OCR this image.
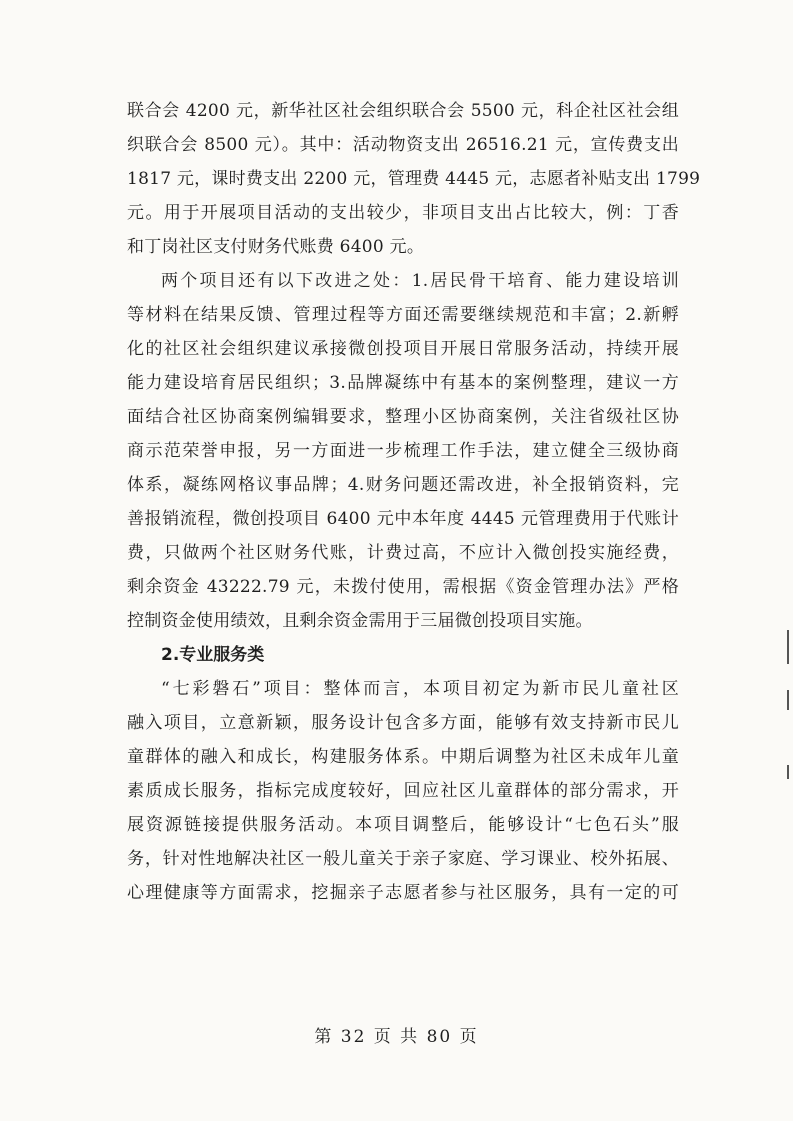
联合会 4200 元，新华社区社会组织联合会 5500 元，科企社区社会组
织联合会 8500 元）。其中：活动物资支出 26516.21 元，宣传费支出
1817 元，课时费支出 2200 元，管理费 4445 元，志愿者补贴支出 1799
元。用于开展项目活动的支出较少，非项目支出占比较大，例：丁香
和丁岗社区支付财务代账费 6400 元。
两个项目还有以下改进之处：1.居民骨干培育、能力建设培训
等材料在结果反馈、管理过程等方面还需要继续规范和丰富；2.新孵
化的社区社会组织建议承接微创投项目开展日常服务活动，持续开展
能力建设培育居民组织；3.品牌凝练中有基本的案例整理，建议一方
面结合社区协商案例编辑要求，整理小区协商案例，关注省级社区协
商示范荣誉申报，另一方面进一步梳理工作手法，建立健全三级协商
体系，凝练网格议事品牌；4.财务问题还需改进，补全报销资料，完
善报销流程，微创投项目 6400 元中本年度 4445 元管理费用于代账计
费，只做两个社区财务代账，计费过高，不应计入微创投实施经费，
剩余资金 43222.79 元，未拨付使用，需根据《资金管理办法》严格
控制资金使用绩效，且剩余资金需用于三届微创投项目实施。
2.专业服务类
“七彩磐石”项目：整体而言，本项目初定为新市民儿童社区
融入项目，立意新颖，服务设计包含多方面，能够有效支持新市民儿
童群体的融入和成长，构建服务体系。中期后调整为社区未成年儿童
素质成长服务，指标完成度较好，回应社区儿童群体的部分需求，开
展资源链接提供服务活动。本项目调整后，能够设计“七色石头”服
务，针对性地解决社区一般儿童关于亲子家庭、学习课业、校外拓展、
心理健康等方面需求，挖掘亲子志愿者参与社区服务，具有一定的可
第 32 页 共 80 页
